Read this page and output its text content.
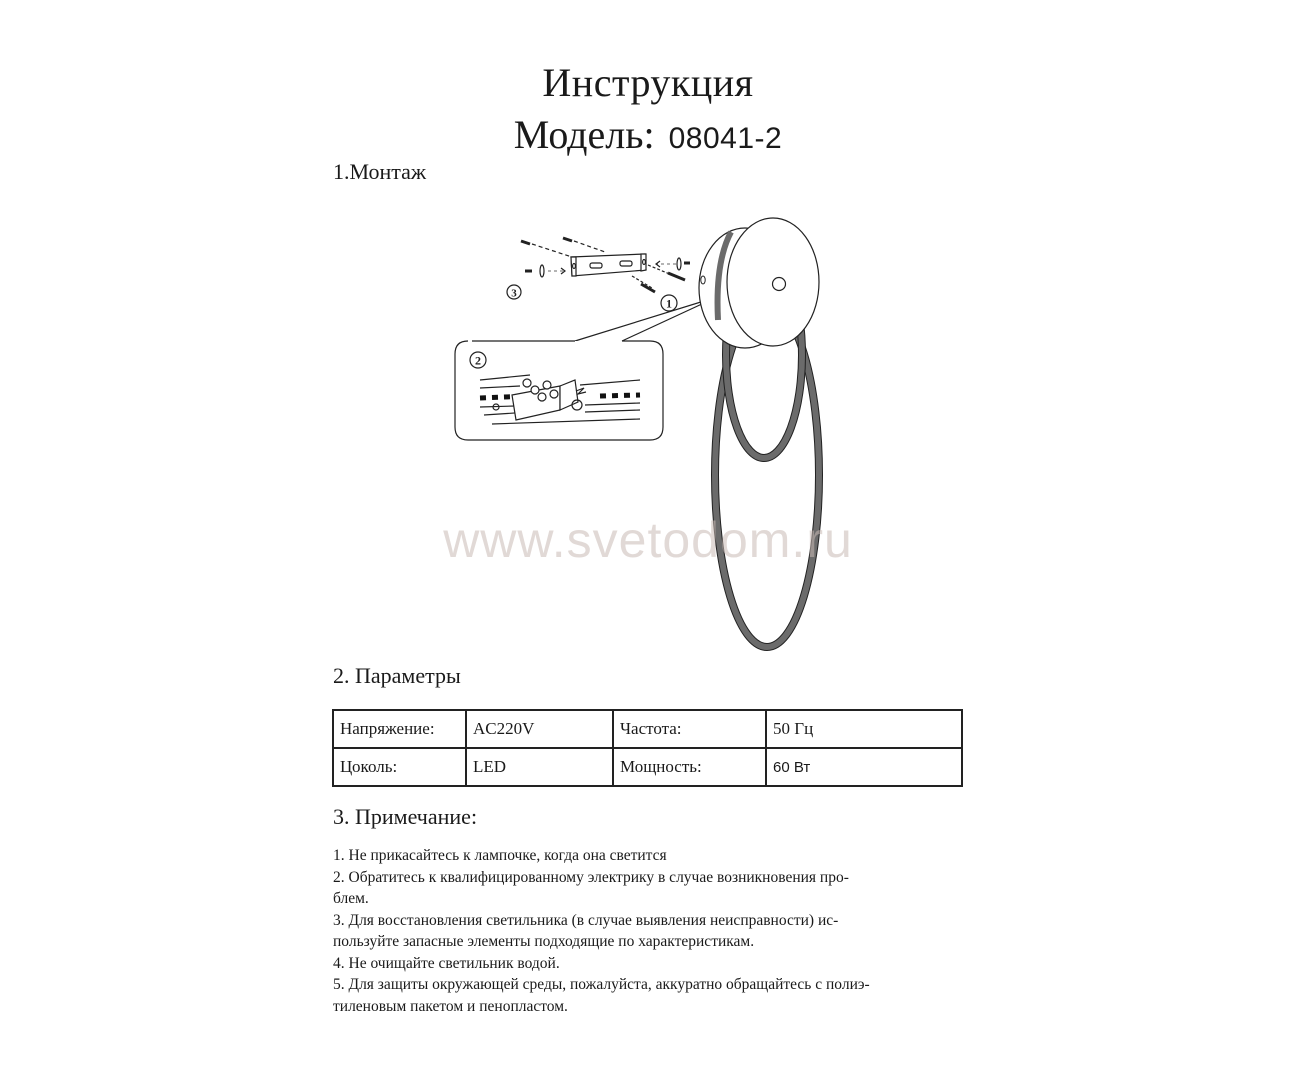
Инструкция
Модель: 08041-2
1.Монтаж
3
1
2
www.svetodom.ru
2. Параметры
Напряжение:	AC220V	Частота:	50 Гц
Цоколь:	LED	Мощность:	60 Вт
3. Примечание:
1. Не прикасайтесь к лампочке, когда она светится
2. Обратитесь к квалифицированному электрику в случае возникновения про-
блем.
3. Для восстановления светильника (в случае выявления неисправности) ис-
пользуйте запасные элементы подходящие по характеристикам.
4. Не очищайте светильник водой.
5. Для защиты окружающей среды, пожалуйста, аккуратно обращайтесь с полиэ-
тиленовым пакетом и пенопластом.
